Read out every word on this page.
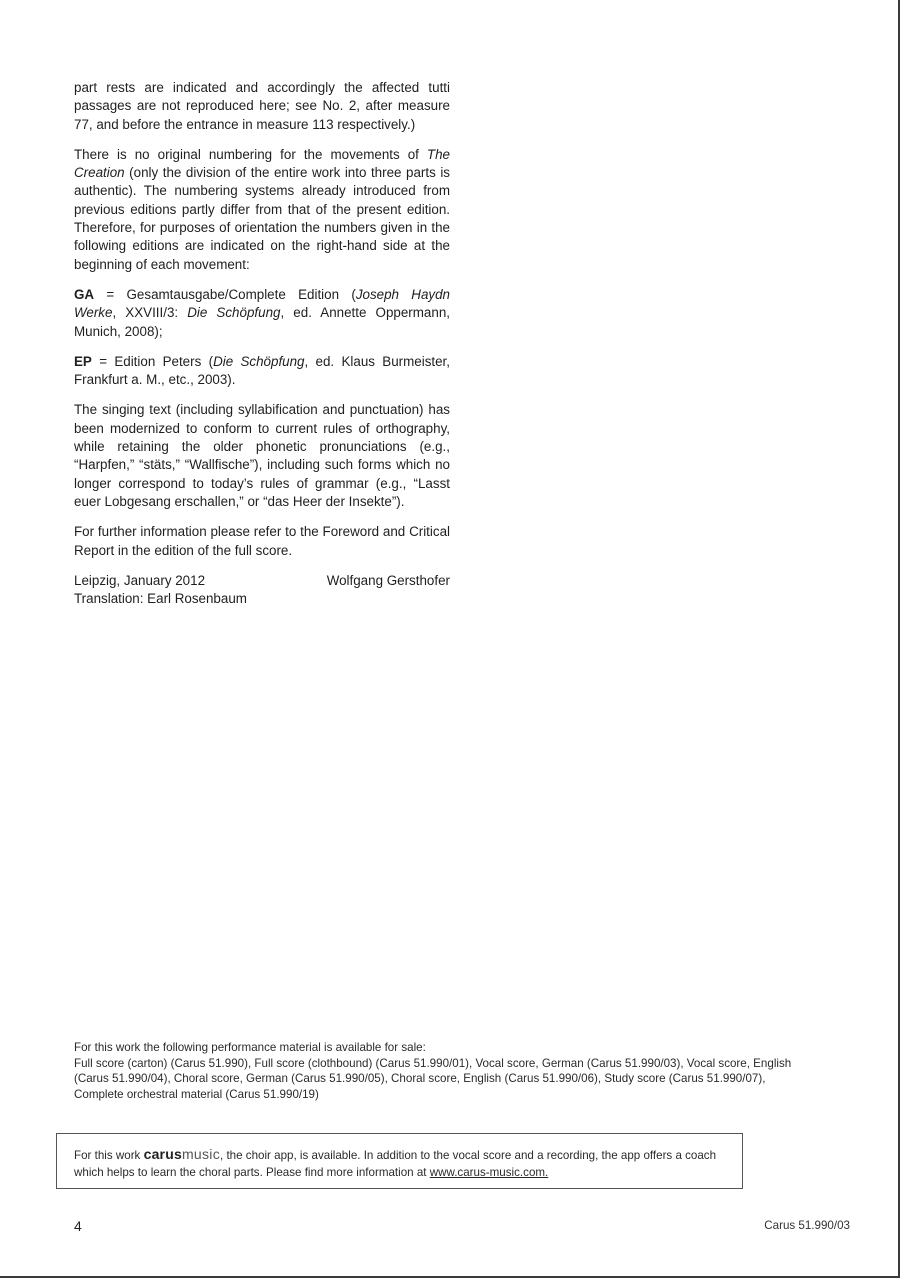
part rests are indicated and accordingly the affected tutti passages are not reproduced here; see No. 2, after measure 77, and before the entrance in measure 113 respectively.)

There is no original numbering for the movements of The Creation (only the division of the entire work into three parts is authentic). The numbering systems already introduced from previous editions partly differ from that of the present edition. Therefore, for purposes of orientation the numbers given in the following editions are indicated on the right-hand side at the beginning of each movement:

GA = Gesamtausgabe/Complete Edition (Joseph Haydn Werke, XXVIII/3: Die Schöpfung, ed. Annette Oppermann, Munich, 2008);

EP = Edition Peters (Die Schöpfung, ed. Klaus Burmeister, Frankfurt a. M., etc., 2003).

The singing text (including syllabification and punctuation) has been modernized to conform to current rules of orthography, while retaining the older phonetic pronunciations (e.g., “Harpfen,” “stäts,” “Wallfische”), including such forms which no longer correspond to today’s rules of grammar (e.g., “Lasst euer Lobgesang erschallen,” or “das Heer der Insekte”).

For further information please refer to the Foreword and Critical Report in the edition of the full score.

Leipzig, January 2012	Wolfgang Gersthofer
Translation: Earl Rosenbaum
For this work the following performance material is available for sale:
Full score (carton) (Carus 51.990), Full score (clothbound) (Carus 51.990/01), Vocal score, German (Carus 51.990/03), Vocal score, English (Carus 51.990/04), Choral score, German (Carus 51.990/05), Choral score, English (Carus 51.990/06), Study score (Carus 51.990/07), Complete orchestral material (Carus 51.990/19)
For this work carusmusic, the choir app, is available. In addition to the vocal score and a recording, the app offers a coach which helps to learn the choral parts. Please find more information at www.carus-music.com.
4	Carus 51.990/03
